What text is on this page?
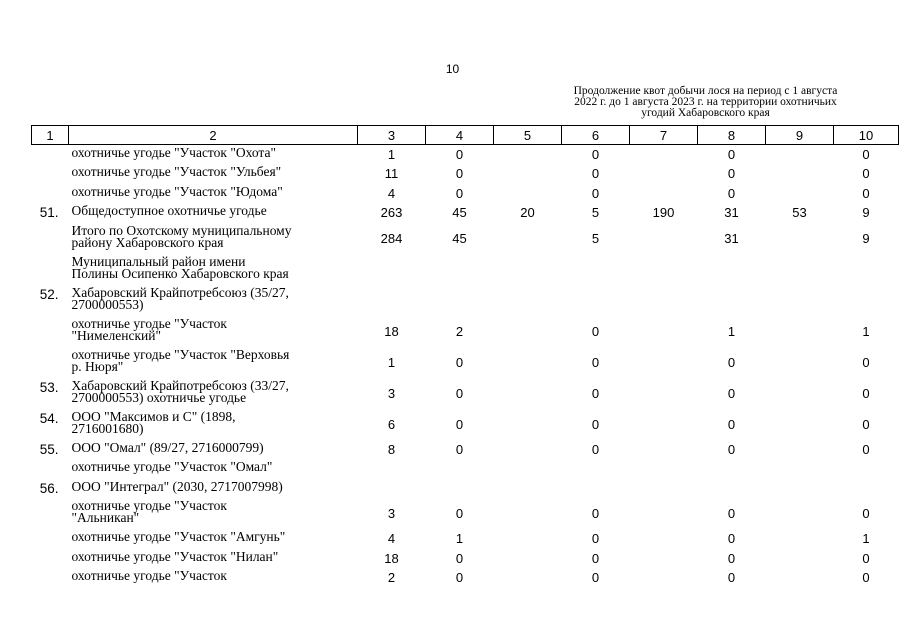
10
Продолжение квот добычи лося на период с 1 августа
2022 г. до 1 августа 2023 г. на территории охотничьих
угодий Хабаровского края
1	2	3	4	5	6	7	8	9	10

	охотничье угодье "Участок "Охота"	1	0		0		0		0

	охотничье угодье "Участок "Ульбея"	11	0		0		0		0

	охотничье угодье "Участок "Юдома"	4	0		0		0		0
51.	Общедоступное охотничье угодье	263	45	20	5	190	31	53	9

	Итого по Охотскому муниципальному
району Хабаровского края	284	45		5		31		9

	Муниципальный район имени
Полины Осипенко Хабаровского края								

52.	Хабаровский Крайпотребсоюз (35/27,
2700000553)								

	охотничье угодье "Участок
"Нимеленский"	18	2		0		1		1

	охотничье угодье "Участок "Верховья
р. Нюря"	1	0		0		0		0
53.	Хабаровский Крайпотребсоюз (33/27,
2700000553) охотничье угодье	3	0		0		0		0
54.	ООО "Максимов и С" (1898,
2716001680)	6	0		0		0		0
55.	ООО "Омал" (89/27, 2716000799)	8	0		0		0		0

	охотничье угодье "Участок "Омал"								

56.	ООО "Интеграл" (2030, 2717007998)								

	охотничье угодье "Участок
"Альникан"	3	0		0		0		0

	охотничье угодье "Участок "Амгунь"	4	1		0		0		1

	охотничье угодье "Участок "Нилан"	18	0		0		0		0

	охотничье угодье "Участок	2	0		0		0		0
